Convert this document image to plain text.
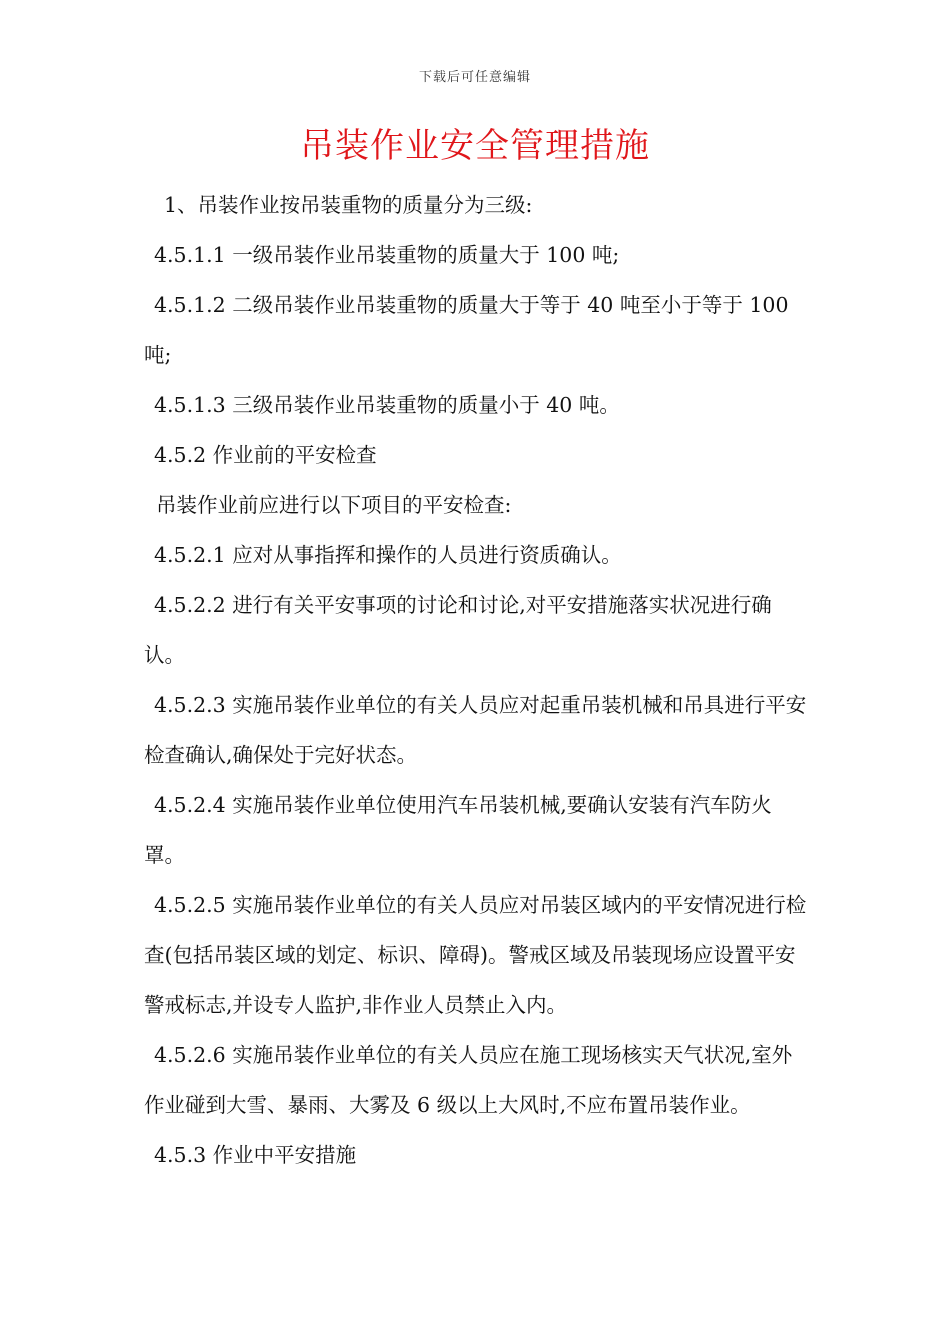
下载后可任意编辑
吊装作业安全管理措施

1、吊装作业按吊装重物的质量分为三级:

4.5.1.1 一级吊装作业吊装重物的质量大于 100 吨;

4.5.1.2 二级吊装作业吊装重物的质量大于等于 40 吨至小于等于 100 吨;

4.5.1.3 三级吊装作业吊装重物的质量小于 40 吨。

4.5.2 作业前的平安检查

吊装作业前应进行以下项目的平安检查:

4.5.2.1 应对从事指挥和操作的人员进行资质确认。

4.5.2.2 进行有关平安事项的讨论和讨论,对平安措施落实状况进行确认。

4.5.2.3 实施吊装作业单位的有关人员应对起重吊装机械和吊具进行平安检查确认,确保处于完好状态。

4.5.2.4 实施吊装作业单位使用汽车吊装机械,要确认安装有汽车防火罩。

4.5.2.5 实施吊装作业单位的有关人员应对吊装区域内的平安情况进行检查(包括吊装区域的划定、标识、障碍)。警戒区域及吊装现场应设置平安警戒标志,并设专人监护,非作业人员禁止入内。

4.5.2.6 实施吊装作业单位的有关人员应在施工现场核实天气状况,室外作业碰到大雪、暴雨、大雾及 6 级以上大风时,不应布置吊装作业。

4.5.3 作业中平安措施
